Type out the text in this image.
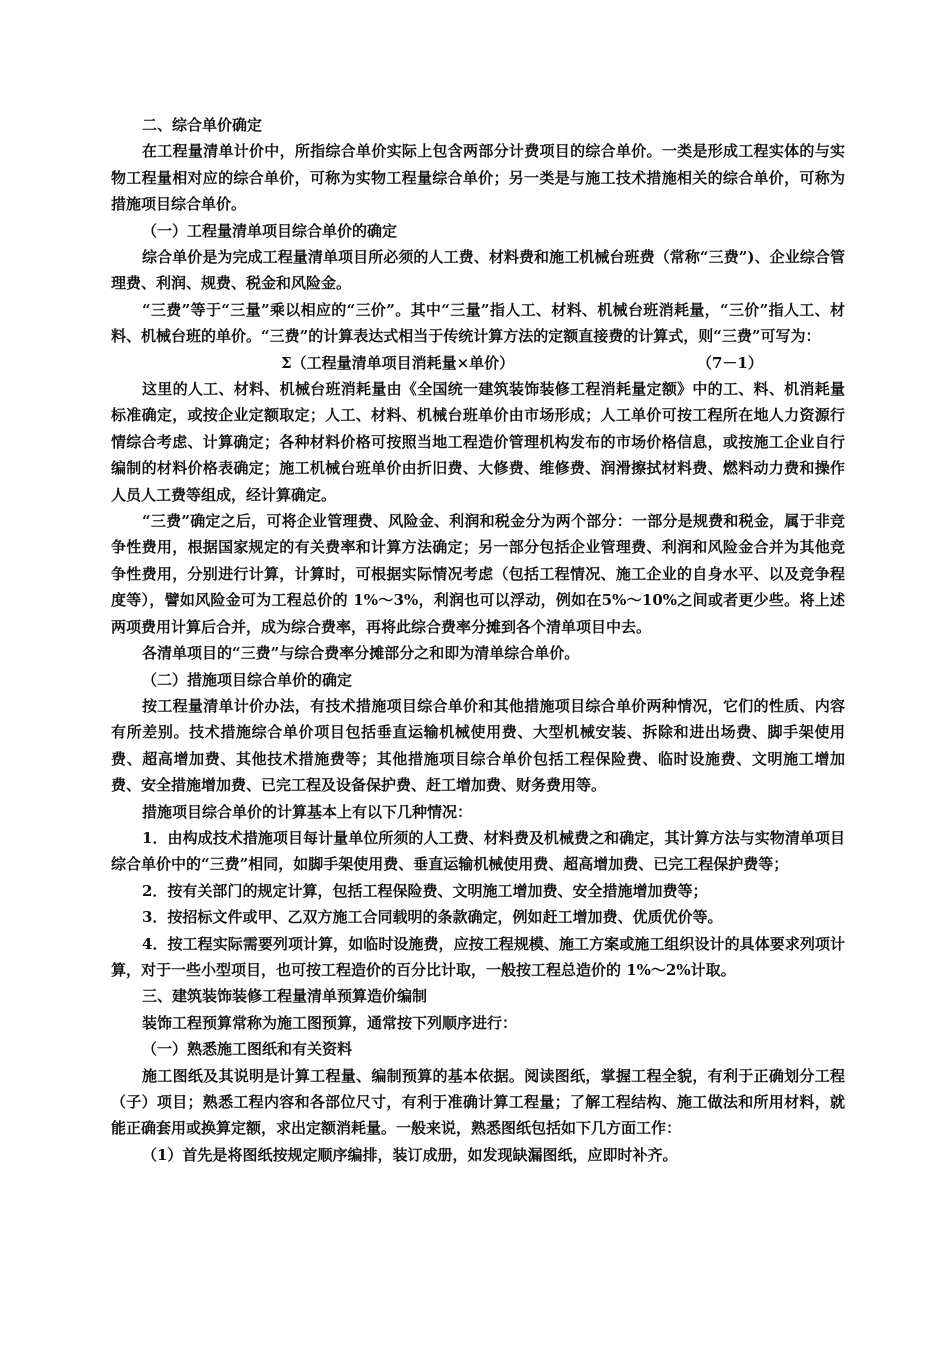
二、综合单价确定

在工程量清单计价中，所指综合单价实际上包含两部分计费项目的综合单价。一类是形成工程实体的与实物工程量相对应的综合单价，可称为实物工程量综合单价；另一类是与施工技术措施相关的综合单价，可称为措施项目综合单价。

（一）工程量清单项目综合单价的确定

综合单价是为完成工程量清单项目所必须的人工费、材料费和施工机械台班费（常称“三费”)、企业综合管理费、利润、规费、税金和风险金。

“三费”等于“三量”乘以相应的“三价”。其中“三量”指人工、材料、机械台班消耗量，“三价”指人工、材料、机械台班的单价。“三费”的计算表达式相当于传统计算方法的定额直接费的计算式，则“三费”可写为：

Σ（工程量清单项目消耗量×单价）	（7－1）

这里的人工、材料、机械台班消耗量由《全国统一建筑装饰装修工程消耗量定额》中的工、料、机消耗量标准确定，或按企业定额取定；人工、材料、机械台班单价由市场形成；人工单价可按工程所在地人力资源行情综合考虑、计算确定；各种材料价格可按照当地工程造价管理机构发布的市场价格信息，或按施工企业自行编制的材料价格表确定；施工机械台班单价由折旧费、大修费、维修费、润滑擦拭材料费、燃料动力费和操作人员人工费等组成，经计算确定。

“三费”确定之后，可将企业管理费、风险金、利润和税金分为两个部分：一部分是规费和税金，属于非竞争性费用，根据国家规定的有关费率和计算方法确定；另一部分包括企业管理费、利润和风险金合并为其他竞争性费用，分别进行计算，计算时，可根据实际情况考虑（包括工程情况、施工企业的自身水平、以及竞争程度等），譬如风险金可为工程总价的 1%～3%，利润也可以浮动，例如在5%～10%之间或者更少些。将上述两项费用计算后合并，成为综合费率，再将此综合费率分摊到各个清单项目中去。

各清单项目的“三费”与综合费率分摊部分之和即为清单综合单价。

（二）措施项目综合单价的确定

按工程量清单计价办法，有技术措施项目综合单价和其他措施项目综合单价两种情况，它们的性质、内容有所差别。技术措施综合单价项目包括垂直运输机械使用费、大型机械安装、拆除和进出场费、脚手架使用费、超高增加费、其他技术措施费等；其他措施项目综合单价包括工程保险费、临时设施费、文明施工增加费、安全措施增加费、已完工程及设备保护费、赶工增加费、财务费用等。

措施项目综合单价的计算基本上有以下几种情况：

1．由构成技术措施项目每计量单位所须的人工费、材料费及机械费之和确定，其计算方法与实物清单项目综合单价中的“三费”相同，如脚手架使用费、垂直运输机械使用费、超高增加费、已完工程保护费等；

2．按有关部门的规定计算，包括工程保险费、文明施工增加费、安全措施增加费等；

3．按招标文件或甲、乙双方施工合同载明的条款确定，例如赶工增加费、优质优价等。

4．按工程实际需要列项计算，如临时设施费，应按工程规模、施工方案或施工组织设计的具体要求列项计算，对于一些小型项目，也可按工程造价的百分比计取，一般按工程总造价的 1%～2%计取。

三、建筑装饰装修工程量清单预算造价编制

装饰工程预算常称为施工图预算，通常按下列顺序进行：

（一）熟悉施工图纸和有关资料

施工图纸及其说明是计算工程量、编制预算的基本依据。阅读图纸，掌握工程全貌，有利于正确划分工程（子）项目；熟悉工程内容和各部位尺寸，有利于准确计算工程量；了解工程结构、施工做法和所用材料，就能正确套用或换算定额，求出定额消耗量。一般来说，熟悉图纸包括如下几方面工作：

（1）首先是将图纸按规定顺序编排，装订成册，如发现缺漏图纸，应即时补齐。
